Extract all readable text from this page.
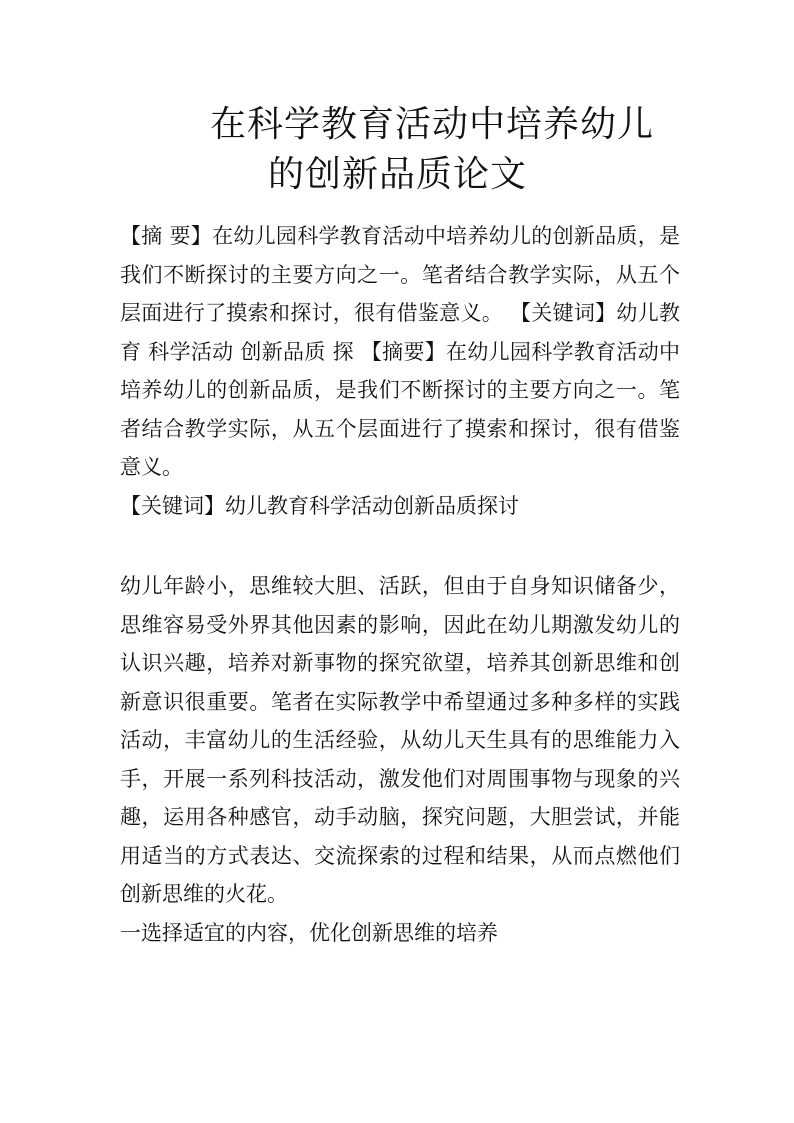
在科学教育活动中培养幼儿
的创新品质论文

【摘 要】在幼儿园科学教育活动中培养幼儿的创新品质，是我们不断探讨的主要方向之一。笔者结合教学实际，从五个层面进行了摸索和探讨，很有借鉴意义。 【关键词】幼儿教育 科学活动 创新品质 探 【摘要】在幼儿园科学教育活动中培养幼儿的创新品质，是我们不断探讨的主要方向之一。笔者结合教学实际，从五个层面进行了摸索和探讨，很有借鉴意义。

【关键词】幼儿教育科学活动创新品质探讨

幼儿年龄小，思维较大胆、活跃，但由于自身知识储备少，思维容易受外界其他因素的影响，因此在幼儿期激发幼儿的认识兴趣，培养对新事物的探究欲望，培养其创新思维和创新意识很重要。笔者在实际教学中希望通过多种多样的实践活动，丰富幼儿的生活经验，从幼儿天生具有的思维能力入手，开展一系列科技活动，激发他们对周围事物与现象的兴趣，运用各种感官，动手动脑，探究问题，大胆尝试，并能用适当的方式表达、交流探索的过程和结果，从而点燃他们创新思维的火花。

一选择适宜的内容，优化创新思维的培养
